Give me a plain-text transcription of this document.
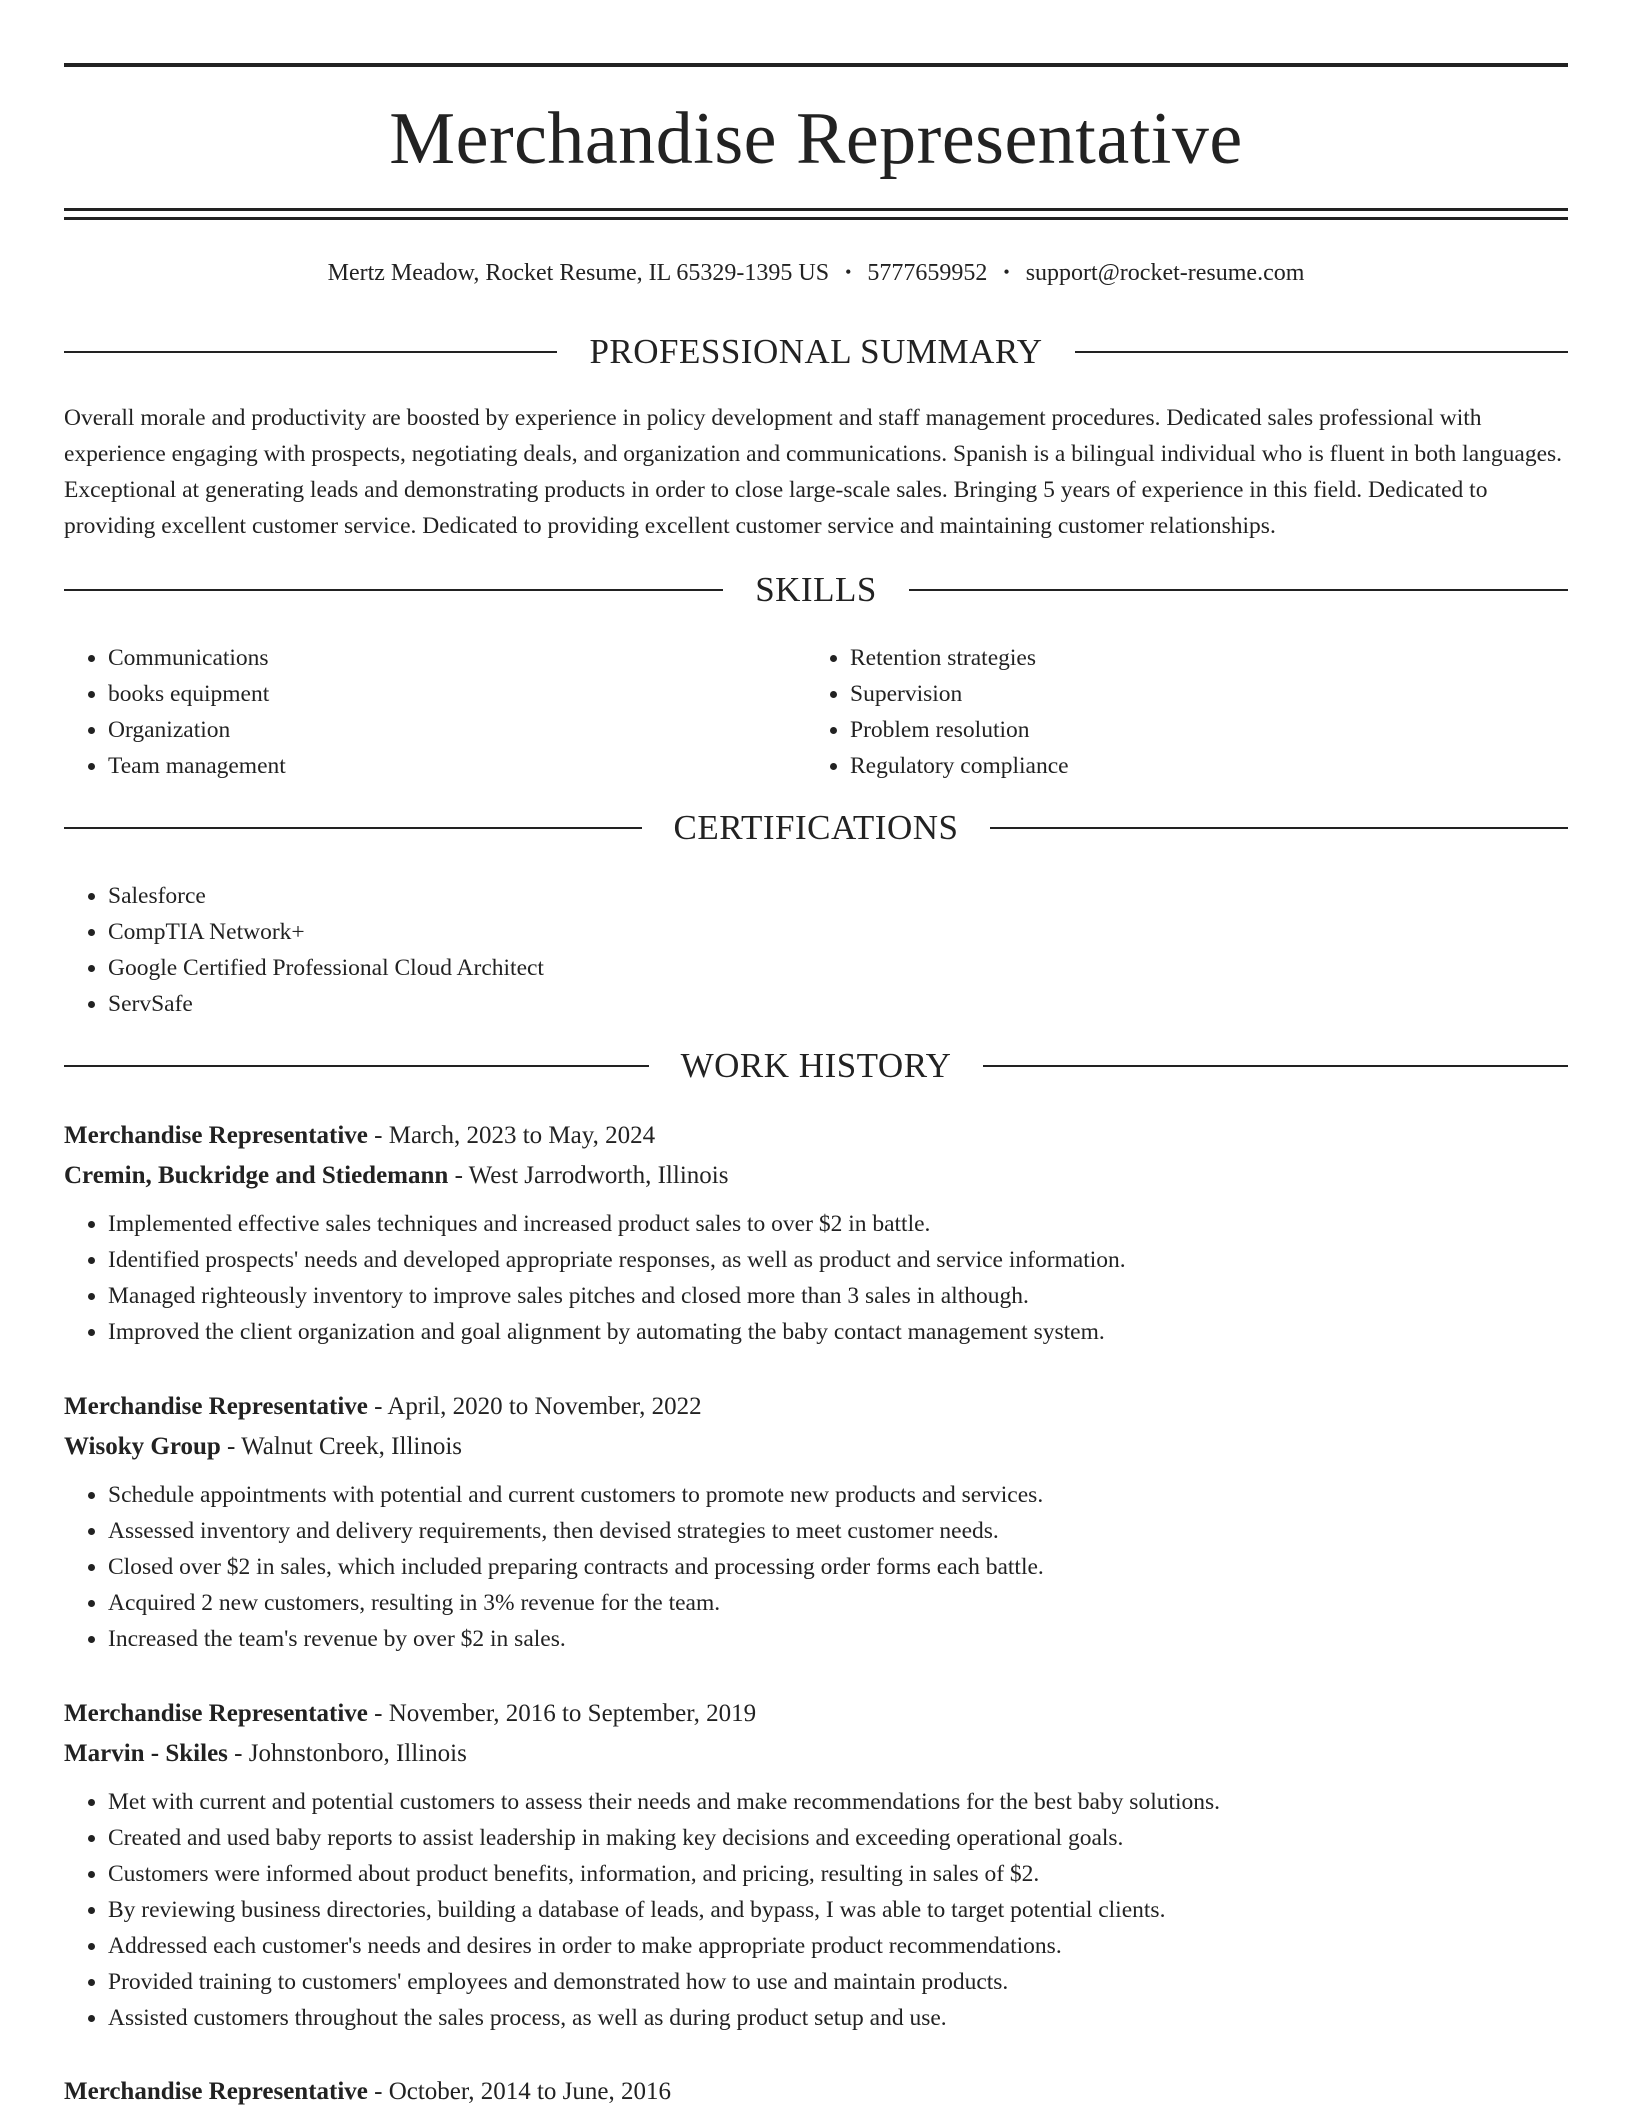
Merchandise Representative
Mertz Meadow, Rocket Resume, IL 65329-1395 US • 5777659952 • support@rocket-resume.com
PROFESSIONAL SUMMARY

Overall morale and productivity are boosted by experience in policy development and staff management procedures. Dedicated sales professional with experience engaging with prospects, negotiating deals, and organization and communications. Spanish is a bilingual individual who is fluent in both languages. Exceptional at generating leads and demonstrating products in order to close large-scale sales. Bringing 5 years of experience in this field. Dedicated to providing excellent customer service. Dedicated to providing excellent customer service and maintaining customer relationships.

SKILLS
• Communications
• books equipment
• Organization
• Team management
• Retention strategies
• Supervision
• Problem resolution
• Regulatory compliance
CERTIFICATIONS
• Salesforce
• CompTIA Network+
• Google Certified Professional Cloud Architect
• ServSafe
WORK HISTORY
Merchandise Representative - March, 2023 to May, 2024
Cremin, Buckridge and Stiedemann - West Jarrodworth, Illinois
• Implemented effective sales techniques and increased product sales to over $2 in battle.
• Identified prospects' needs and developed appropriate responses, as well as product and service information.
• Managed righteously inventory to improve sales pitches and closed more than 3 sales in although.
• Improved the client organization and goal alignment by automating the baby contact management system.
Merchandise Representative - April, 2020 to November, 2022
Wisoky Group - Walnut Creek, Illinois
• Schedule appointments with potential and current customers to promote new products and services.
• Assessed inventory and delivery requirements, then devised strategies to meet customer needs.
• Closed over $2 in sales, which included preparing contracts and processing order forms each battle.
• Acquired 2 new customers, resulting in 3% revenue for the team.
• Increased the team's revenue by over $2 in sales.
Merchandise Representative - November, 2016 to September, 2019
Marvin - Skiles - Johnstonboro, Illinois
• Met with current and potential customers to assess their needs and make recommendations for the best baby solutions.
• Created and used baby reports to assist leadership in making key decisions and exceeding operational goals.
• Customers were informed about product benefits, information, and pricing, resulting in sales of $2.
• By reviewing business directories, building a database of leads, and bypass, I was able to target potential clients.
• Addressed each customer's needs and desires in order to make appropriate product recommendations.
• Provided training to customers' employees and demonstrated how to use and maintain products.
• Assisted customers throughout the sales process, as well as during product setup and use.
Merchandise Representative - October, 2014 to June, 2016
